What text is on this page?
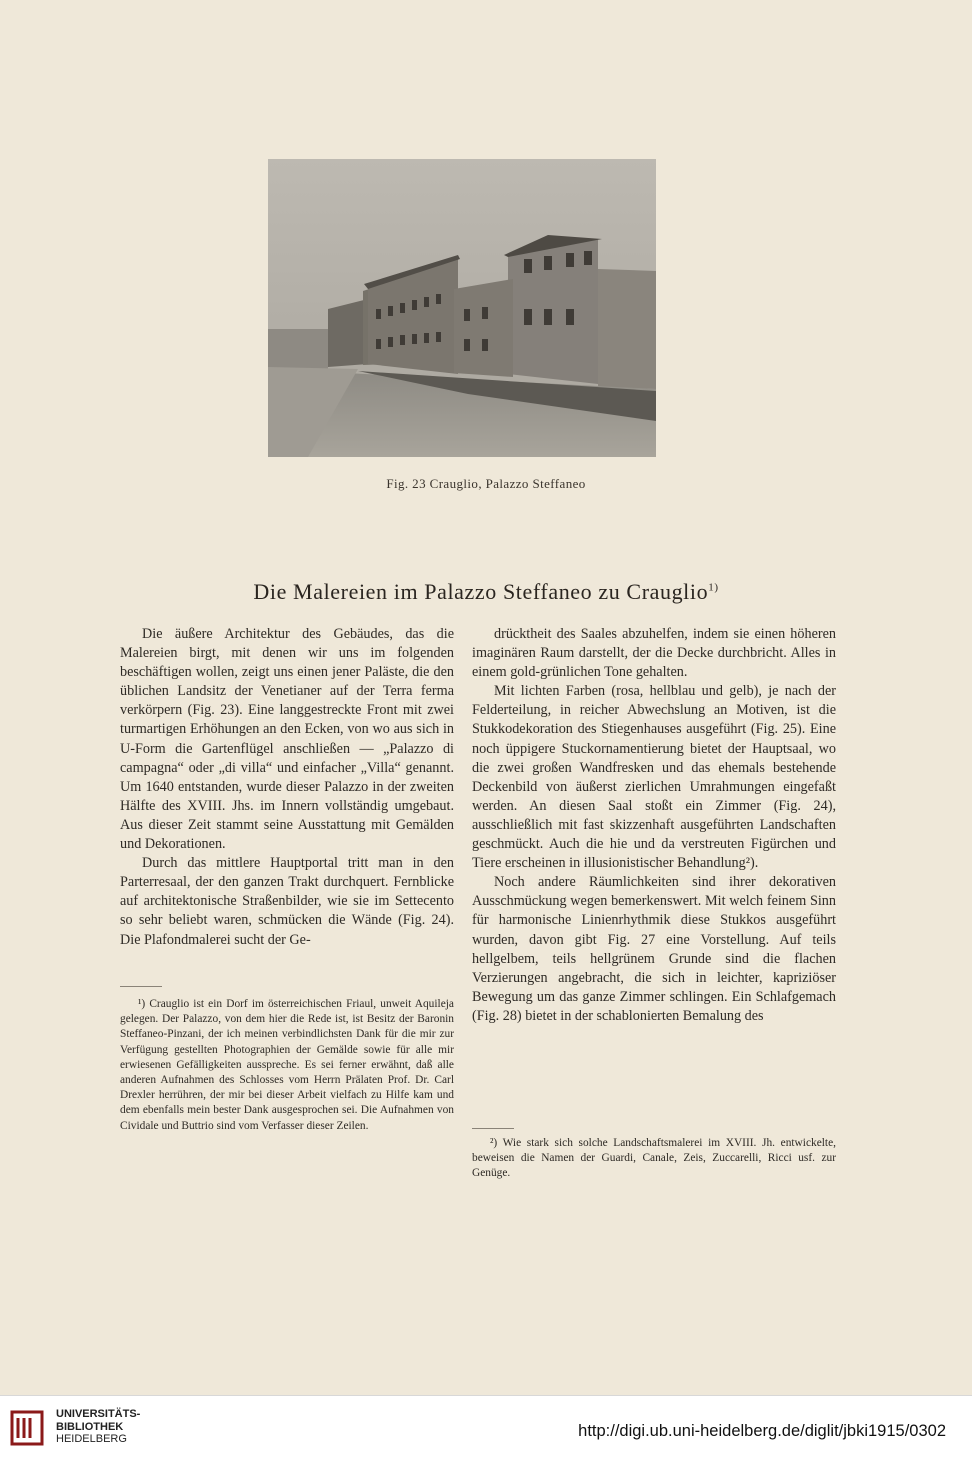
Fig. 23 Crauglio, Palazzo Steffaneo
Die Malereien im Palazzo Steffaneo zu Crauglio$^{1)}$

Die äußere Architektur des Gebäudes, das die Malereien birgt, mit denen wir uns im folgenden beschäftigen wollen, zeigt uns einen jener Paläste, die den üblichen Landsitz der Venetianer auf der Terra ferma verkörpern (Fig. 23). Eine langgestreckte Front mit zwei turmartigen Erhöhungen an den Ecken, von wo aus sich in U-Form die Gartenflügel anschließen — „Palazzo di campagna“ oder „di villa“ und einfacher „Villa“ genannt. Um 1640 entstanden, wurde dieser Palazzo in der zweiten Hälfte des XVIII. Jhs. im Innern vollständig umgebaut. Aus dieser Zeit stammt seine Ausstattung mit Gemälden und Dekorationen.

Durch das mittlere Hauptportal tritt man in den Parterresaal, der den ganzen Trakt durchquert. Fernblicke auf architektonische Straßenbilder, wie sie im Settecento so sehr beliebt waren, schmücken die Wände (Fig. 24). Die Plafondmalerei sucht der Ge-

drücktheit des Saales abzuhelfen, indem sie einen höheren imaginären Raum darstellt, der die Decke durchbricht. Alles in einem gold-grünlichen Tone gehalten.

Mit lichten Farben (rosa, hellblau und gelb), je nach der Felderteilung, in reicher Abwechslung an Motiven, ist die Stukkodekoration des Stiegenhauses ausgeführt (Fig. 25). Eine noch üppigere Stuckornamentierung bietet der Hauptsaal, wo die zwei großen Wandfresken und das ehemals bestehende Deckenbild von äußerst zierlichen Umrahmungen eingefaßt werden. An diesen Saal stoßt ein Zimmer (Fig. 24), ausschließlich mit fast skizzenhaft ausgeführten Landschaften geschmückt. Auch die hie und da verstreuten Figürchen und Tiere erscheinen in illusionistischer Behandlung²).

Noch andere Räumlichkeiten sind ihrer dekorativen Ausschmückung wegen bemerkenswert. Mit welch feinem Sinn für harmonische Linienrhythmik diese Stukkos ausgeführt wurden, davon gibt Fig. 27 eine Vorstellung. Auf teils hellgelbem, teils hellgrünem Grunde sind die flachen Verzierungen angebracht, die sich in leichter, kapriziöser Bewegung um das ganze Zimmer schlingen. Ein Schlafgemach (Fig. 28) bietet in der schablonierten Bemalung des

¹) Crauglio ist ein Dorf im österreichischen Friaul, unweit Aquileja gelegen. Der Palazzo, von dem hier die Rede ist, ist Besitz der Baronin Steffaneo-Pinzani, der ich meinen verbindlichsten Dank für die mir zur Verfügung gestellten Photographien der Gemälde sowie für alle mir erwiesenen Gefälligkeiten ausspreche. Es sei ferner erwähnt, daß alle anderen Aufnahmen des Schlosses vom Herrn Prälaten Prof. Dr. Carl Drexler herrühren, der mir bei dieser Arbeit vielfach zu Hilfe kam und dem ebenfalls mein bester Dank ausgesprochen sei. Die Aufnahmen von Cividale und Buttrio sind vom Verfasser dieser Zeilen.

²) Wie stark sich solche Landschaftsmalerei im XVIII. Jh. entwickelte, beweisen die Namen der Guardi, Canale, Zeis, Zuccarelli, Ricci usf. zur Genüge.

UNIVERSITÄTS-
BIBLIOTHEK
HEIDELBERG	http://digi.ub.uni-heidelberg.de/diglit/jbki1915/0302
